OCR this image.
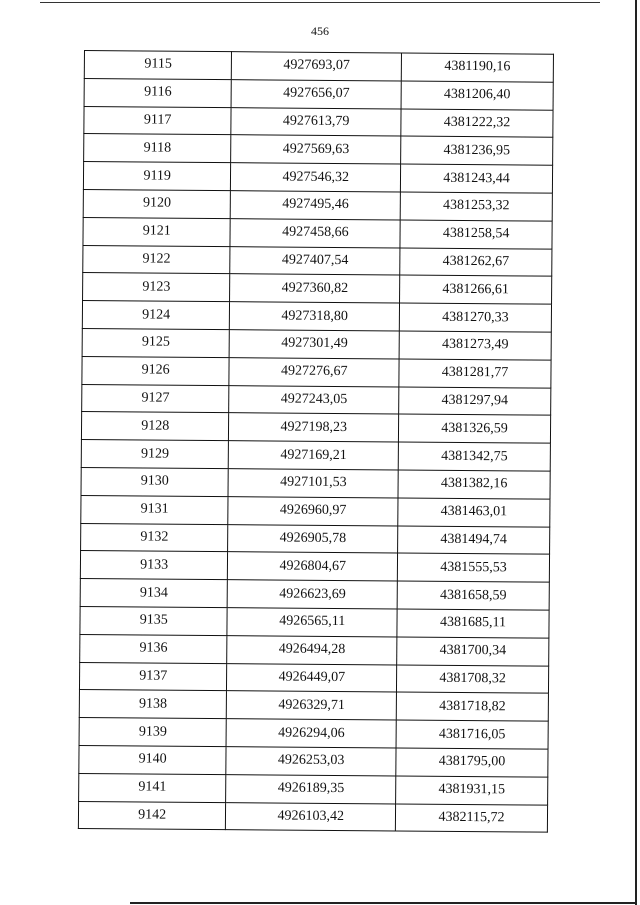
456
9115	4927693,07	4381190,16
9116	4927656,07	4381206,40
9117	4927613,79	4381222,32
9118	4927569,63	4381236,95
9119	4927546,32	4381243,44
9120	4927495,46	4381253,32
9121	4927458,66	4381258,54
9122	4927407,54	4381262,67
9123	4927360,82	4381266,61
9124	4927318,80	4381270,33
9125	4927301,49	4381273,49
9126	4927276,67	4381281,77
9127	4927243,05	4381297,94
9128	4927198,23	4381326,59
9129	4927169,21	4381342,75
9130	4927101,53	4381382,16
9131	4926960,97	4381463,01
9132	4926905,78	4381494,74
9133	4926804,67	4381555,53
9134	4926623,69	4381658,59
9135	4926565,11	4381685,11
9136	4926494,28	4381700,34
9137	4926449,07	4381708,32
9138	4926329,71	4381718,82
9139	4926294,06	4381716,05
9140	4926253,03	4381795,00
9141	4926189,35	4381931,15
9142	4926103,42	4382115,72
